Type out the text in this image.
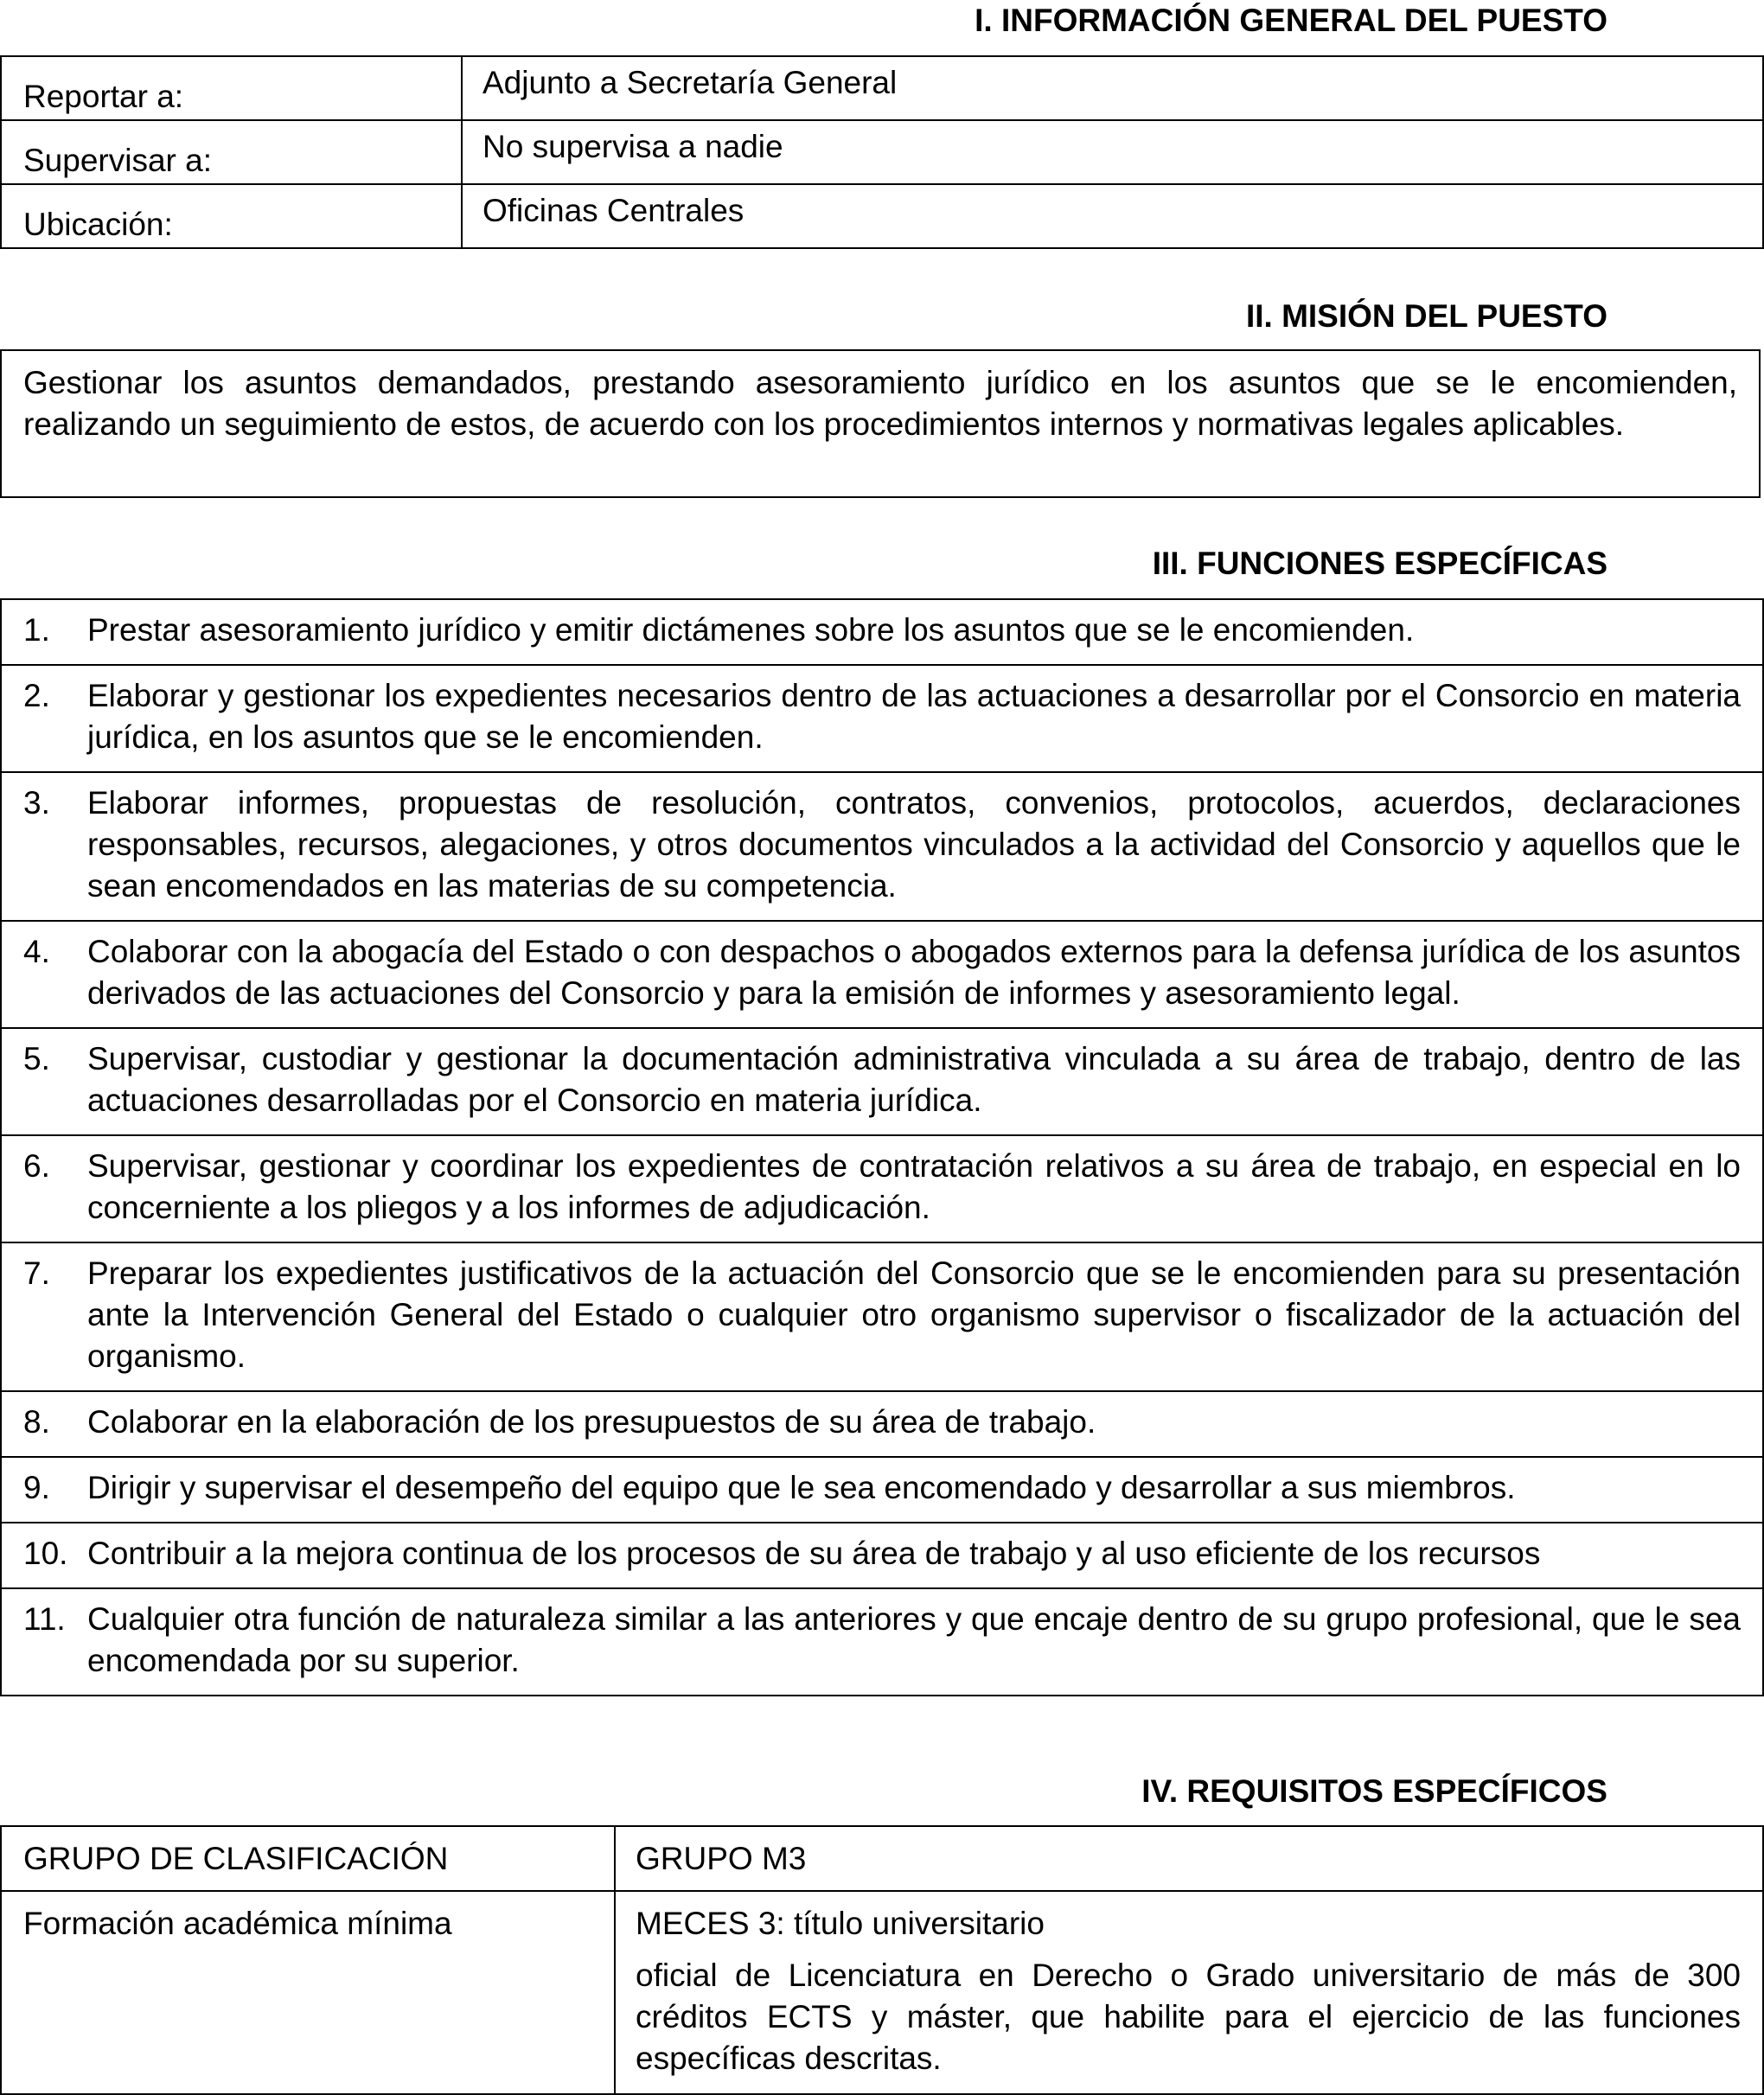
I. INFORMACIÓN GENERAL DEL PUESTO
Reportar a:	Adjunto a Secretaría General
Supervisar a:	No supervisa a nadie
Ubicación:	Oficinas Centrales
II. MISIÓN DEL PUESTO
Gestionar los asuntos demandados, prestando asesoramiento jurídico en los asuntos que se le encomienden, realizando un seguimiento de estos, de acuerdo con los procedimientos internos y normativas legales aplicables.
III. FUNCIONES ESPECÍFICAS
1.	Prestar asesoramiento jurídico y emitir dictámenes sobre los asuntos que se le encomienden.
2.	Elaborar y gestionar los expedientes necesarios dentro de las actuaciones a desarrollar por el Consorcio en materia jurídica, en los asuntos que se le encomienden.
3.	Elaborar informes, propuestas de resolución, contratos, convenios, protocolos, acuerdos, declaraciones responsables, recursos, alegaciones, y otros documentos vinculados a la actividad del Consorcio y aquellos que le sean encomendados en las materias de su competencia.
4.	Colaborar con la abogacía del Estado o con despachos o abogados externos para la defensa jurídica de los asuntos derivados de las actuaciones del Consorcio y para la emisión de informes y asesoramiento legal.
5.	Supervisar, custodiar y gestionar la documentación administrativa vinculada a su área de trabajo, dentro de las actuaciones desarrolladas por el Consorcio en materia jurídica.
6.	Supervisar, gestionar y coordinar los expedientes de contratación relativos a su área de trabajo, en especial en lo concerniente a los pliegos y a los informes de adjudicación.
7.	Preparar los expedientes justificativos de la actuación del Consorcio que se le encomienden para su presentación ante la Intervención General del Estado o cualquier otro organismo supervisor o fiscalizador de la actuación del organismo.
8.	Colaborar en la elaboración de los presupuestos de su área de trabajo.
9.	Dirigir y supervisar el desempeño del equipo que le sea encomendado y desarrollar a sus miembros.
10. Contribuir a la mejora continua de los procesos de su área de trabajo y al uso eficiente de los recursos
11. Cualquier otra función de naturaleza similar a las anteriores y que encaje dentro de su grupo profesional, que le sea encomendada por su superior.
IV. REQUISITOS ESPECÍFICOS
GRUPO DE CLASIFICACIÓN	GRUPO M3
Formación académica mínima	MECES 3: título universitario

oficial de Licenciatura en Derecho o Grado universitario de más de 300 créditos ECTS y máster, que habilite para el ejercicio de las funciones específicas descritas.
